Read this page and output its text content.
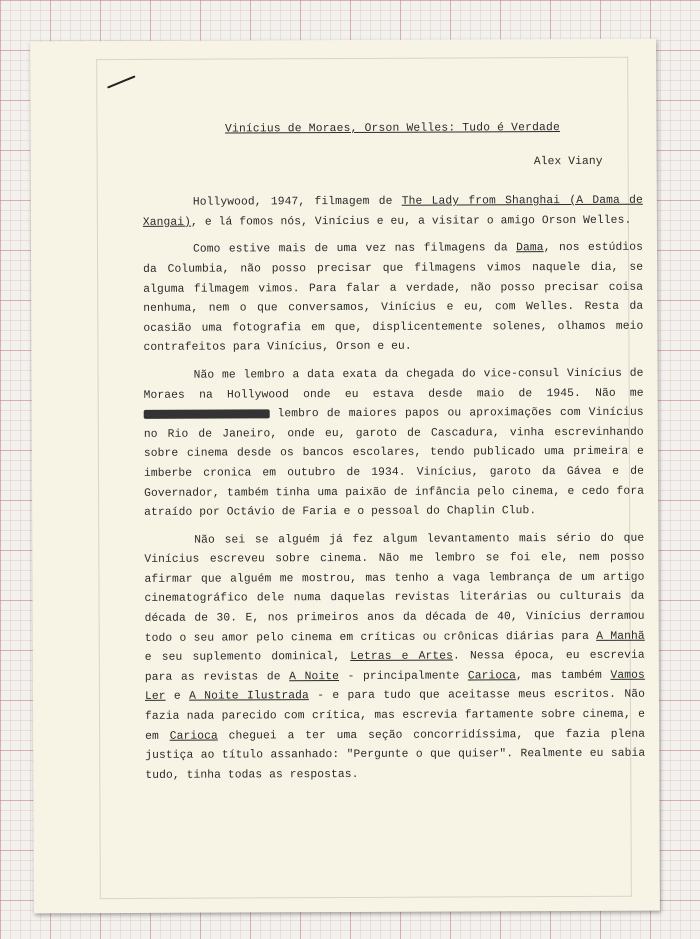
Vinícius de Moraes, Orson Welles: Tudo é Verdade
Alex Viany

Hollywood, 1947, filmagem de The Lady from Shanghai (A Dama de Xangai), e lá fomos nós, Vinícius e eu, a visitar o amigo Orson Welles.

Como estive mais de uma vez nas filmagens da Dama, nos estúdios da Columbia, não posso precisar que filmagens vimos naquele dia, se alguma filmagem vimos. Para falar a verdade, não posso precisar coisa nenhuma, nem o que conversamos, Vinícius e eu, com Welles. Resta da ocasião uma fotografia em que, displicentemente solenes, olhamos meio contrafeitos para Vinícius, Orson e eu.

Não me lembro a data exata da chegada do vice-consul Vinícius de Moraes na Hollywood onde eu estava desde maio de 1945. Não me  lembro de maiores papos ou aproximações com Vinícius no Rio de Janeiro, onde eu, garoto de Cascadura, vinha escrevinhando sobre cinema desde os bancos escolares, tendo publicado uma primeira e imberbe cronica em outubro de 1934. Vinícius, garoto da Gávea e de Governador, também tinha uma paixão de infância pelo cinema, e cedo fora atraído por Octávio de Faria e o pessoal do Chaplin Club.

Não sei se alguém já fez algum levantamento mais sério do que Vinícius escreveu sobre cinema. Não me lembro se foi ele, nem posso afirmar que alguém me mostrou, mas tenho a vaga lembrança de um artigo cinematográfico dele numa daquelas revistas literárias ou culturais da década de 30. E, nos primeiros anos da década de 40, Vinícius derramou todo o seu amor pelo cinema em críticas ou crônicas diárias para A Manhã e seu suplemento dominical, Letras e Artes. Nessa época, eu escrevia para as revistas de A Noite - principalmente Carioca, mas também Vamos Ler e A Noite Ilustrada - e para tudo que aceitasse meus escritos. Não fazia nada parecido com crítica, mas escrevia fartamente sobre cinema, e em Carioca cheguei a ter uma seção concorridíssima, que fazia plena justiça ao título assanhado: "Pergunte o que quiser". Realmente eu sabia tudo, tinha todas as respostas.
